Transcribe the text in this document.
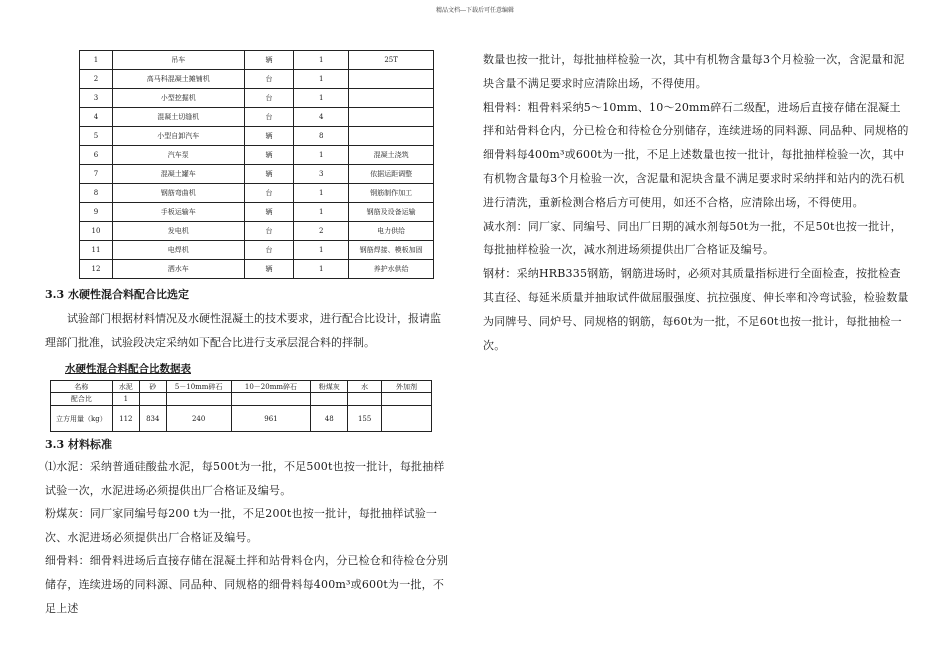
精品文档---下载后可任意编辑
1	吊车	辆	1	25T
2	高马科混凝土摊铺机	台	1	
3	小型挖掘机	台	1	
4	混凝土切缝机	台	4	
5	小型自卸汽车	辆	8	
6	汽车泵	辆	1	混凝土浇筑
7	混凝土罐车	辆	3	依据运距调整
8	钢筋弯曲机	台	1	钢筋制作加工
9	手板运输车	辆	1	钢筋及设备运输
10	发电机	台	2	电力供给
11	电焊机	台	1	钢筋焊接、模板加固
12	洒水车	辆	1	养护水供给
3.3 水硬性混合料配合比选定
试验部门根据材料情况及水硬性混凝土的技术要求，进行配合比设计，报请监理部门批准，试验段决定采纳如下配合比进行支承层混合料的拌制。
水硬性混合料配合比数据表
名称	水泥	砂	5－10mm碎石	10－20mm碎石	粉煤灰	水	外加剂
配合比	1						
立方用量（kg）	112	834	240	961	48	155	
3.3 材料标准

⑴水泥：采纳普通硅酸盐水泥，每500t为一批，不足500t也按一批计，每批抽样试验一次，水泥进场必须提供出厂合格证及编号。

粉煤灰：同厂家同编号每200 t为一批，不足200t也按一批计，每批抽样试验一次、水泥进场必须提供出厂合格证及编号。

细骨料：细骨料进场后直接存储在混凝土拌和站骨料仓内，分已检仓和待检仓分别储存，连续进场的同料源、同品种、同规格的细骨料每400m³或600t为一批，不足上述

数量也按一批计，每批抽样检验一次，其中有机物含量每3个月检验一次，含泥量和泥块含量不满足要求时应清除出场，不得使用。

粗骨料：粗骨料采纳5～10mm、10～20mm碎石二级配，进场后直接存储在混凝土拌和站骨料仓内，分已检仓和待检仓分别储存，连续进场的同料源、同品种、同规格的细骨料每400m³或600t为一批，不足上述数量也按一批计，每批抽样检验一次，其中有机物含量每3个月检验一次，含泥量和泥块含量不满足要求时采纳拌和站内的洗石机进行清洗，重新检测合格后方可使用，如还不合格，应清除出场，不得使用。

减水剂：同厂家、同编号、同出厂日期的减水剂每50t为一批，不足50t也按一批计，每批抽样检验一次，减水剂进场须提供出厂合格证及编号。

钢材：采纳HRB335钢筋，钢筋进场时，必须对其质量指标进行全面检查，按批检查其直径、每延米质量并抽取试件做屈服强度、抗拉强度、伸长率和冷弯试验，检验数量为同牌号、同炉号、同规格的钢筋，每60t为一批，不足60t也按一批计，每批抽检一次。
